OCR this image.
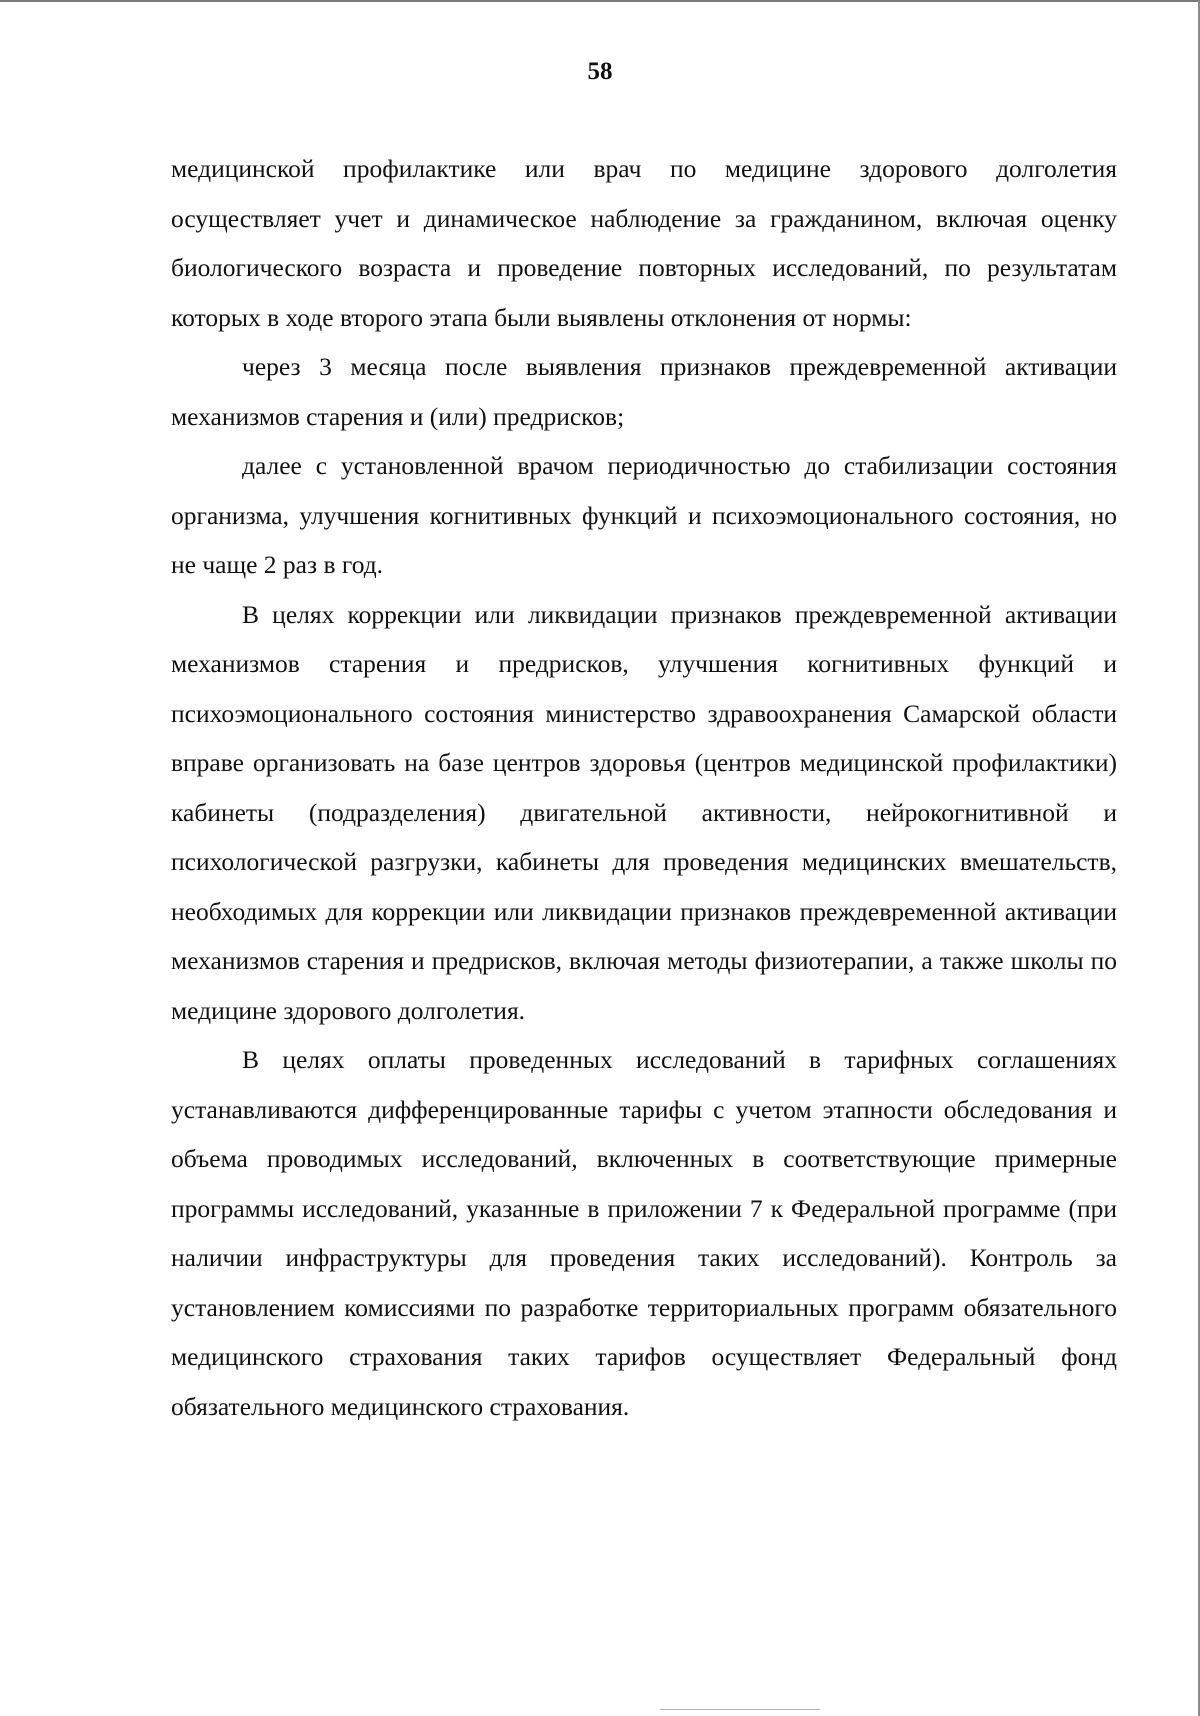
58

медицинской профилактике или врач по медицине здорового долголетия осуществляет учет и динамическое наблюдение за гражданином, включая оценку биологического возраста и проведение повторных исследований, по результатам которых в ходе второго этапа были выявлены отклонения от нормы:

через 3 месяца после выявления признаков преждевременной активации механизмов старения и (или) предрисков;

далее с установленной врачом периодичностью до стабилизации состояния организма, улучшения когнитивных функций и психоэмоционального состояния, но не чаще 2 раз в год.

В целях коррекции или ликвидации признаков преждевременной активации механизмов старения и предрисков, улучшения когнитивных функций и психоэмоционального состояния министерство здравоохранения Самарской области вправе организовать на базе центров здоровья (центров медицинской профилактики) кабинеты (подразделения) двигательной активности, нейрокогнитивной и психологической разгрузки, кабинеты для проведения медицинских вмешательств, необходимых для коррекции или ликвидации признаков преждевременной активации механизмов старения и предрисков, включая методы физиотерапии, а также школы по медицине здорового долголетия.

В целях оплаты проведенных исследований в тарифных соглашениях устанавливаются дифференцированные тарифы с учетом этапности обследования и объема проводимых исследований, включенных в соответствующие примерные программы исследований, указанные в приложении 7 к Федеральной программе (при наличии инфраструктуры для проведения таких исследований). Контроль за установлением комиссиями по разработке территориальных программ обязательного медицинского страхования таких тарифов осуществляет Федеральный фонд обязательного медицинского страхования.
